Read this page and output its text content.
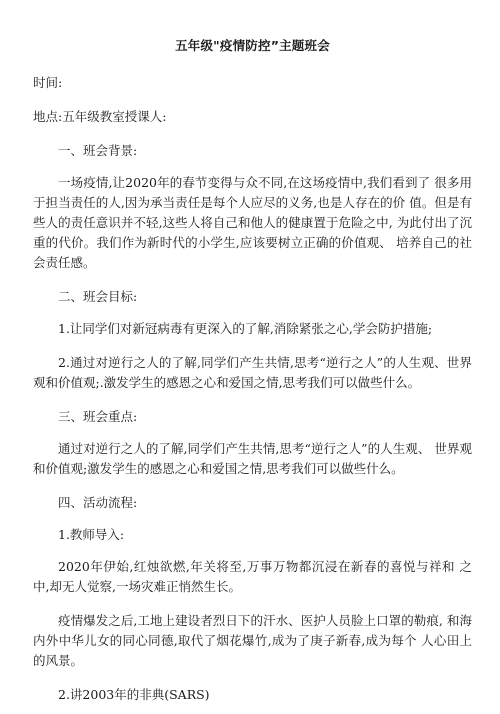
五年级"疫情防控”主题班会

时间:

地点:五年级教室授课人:

一、班会背景:

一场疫情,让2020年的春节变得与众不同,在这场疫情中,我们看到了 很多用于担当责任的人,因为承当责任是每个人应尽的义务,也是人存在的价 值。但是有些人的责任意识并不轻,这些人将自己和他人的健康置于危险之中, 为此付出了沉重的代价。我们作为新时代的小学生,应该要树立正确的价值观、 培养自己的社会责任感。

二、班会目标:

1.让同学们对新冠病毒有更深入的了解,消除紧张之心,学会防护措施;

2.通过对逆行之人的了解,同学们产生共情,思考“逆行之人”的人生观、世界观和价值观;.激发学生的感恩之心和爱国之情,思考我们可以做些什么。

三、班会重点:

通过对逆行之人的了解,同学们产生共情,思考“逆行之人”的人生观、 世界观和价值观;激发学生的感恩之心和爱国之情,思考我们可以做些什么。

四、活动流程:

1.教师导入:

2020年伊始,红烛欲燃,年关将至,万事万物都沉浸在新春的喜悦与祥和 之中,却无人觉察,一场灾难正悄然生长。

疫情爆发之后,工地上建设者烈日下的汗水、医护人员脸上口罩的勒痕, 和海内外中华儿女的同心同德,取代了烟花爆竹,成为了庚子新春,成为每个 人心田上的风景。

2.讲2003年的非典(SARS)
